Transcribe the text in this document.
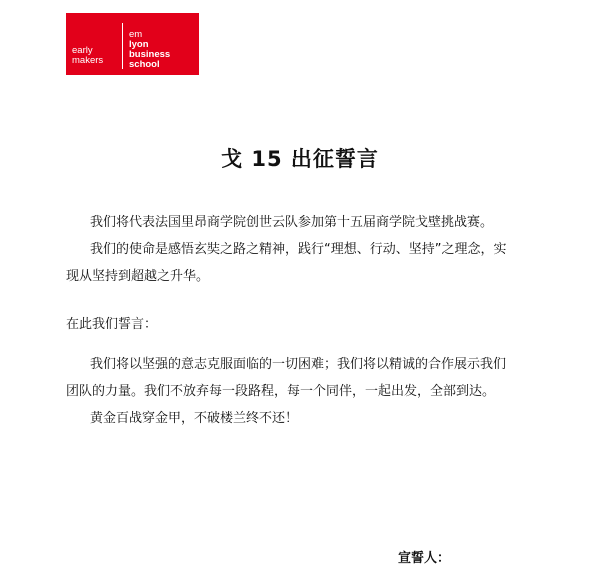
early
makers
em
lyon
business
school
戈 15 出征誓言
我们将代表法国里昂商学院创世云队参加第十五届商学院戈壁挑战赛。
我们的使命是感悟玄奘之路之精神，践行“理想、行动、坚持”之理念，实
现从坚持到超越之升华。
在此我们誓言：
我们将以坚强的意志克服面临的一切困难；我们将以精诚的合作展示我们
团队的力量。我们不放弃每一段路程，每一个同伴，一起出发，全部到达。
黄金百战穿金甲，不破楼兰终不还！
宣誓人：
